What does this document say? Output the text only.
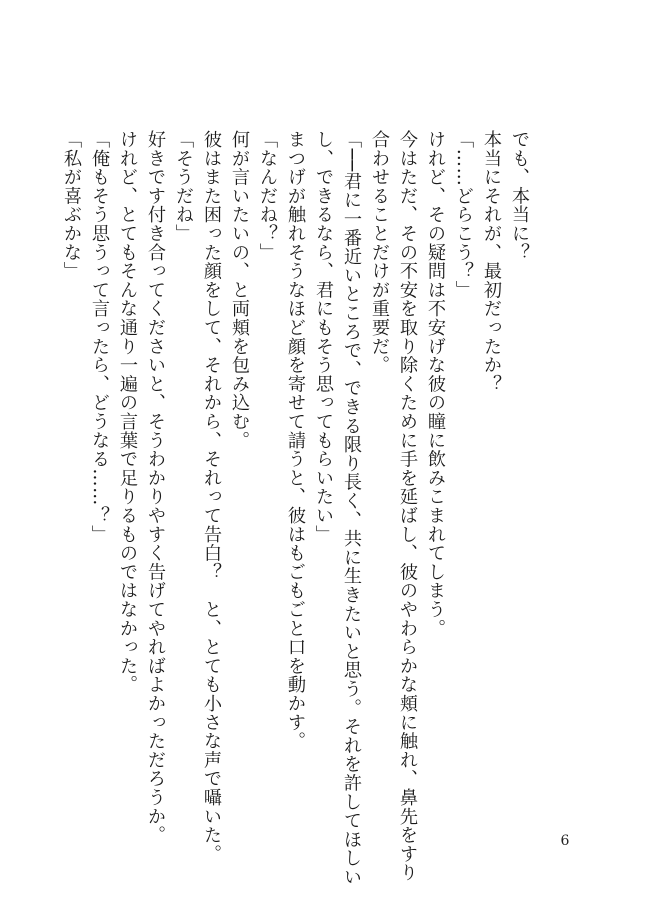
でも、本当に？
本当にそれが、最初だったか？
「……どらこう？」
けれど、その疑問は不安げな彼の瞳に飲みこまれてしまう。
今はただ、その不安を取り除くために手を延ばし、彼のやわらかな頬に触れ、鼻先をすり
合わせることだけが重要だ。
「──君に一番近いところで、できる限り長く、共に生きたいと思う。それを許してほしい
し、できるなら、君にもそう思ってもらいたい」
まつげが触れそうなほど顔を寄せて請うと、彼はもごもごと口を動かす。
「なんだね？」
何が言いたいの、と両頬を包み込む。
彼はまた困った顔をして、それから、それって告白？　と、とても小さな声で囁いた。
「そうだね」
好きです付き合ってくださいと、そうわかりやすく告げてやればよかっただろうか。
けれど、とてもそんな通り一遍の言葉で足りるものではなかった。
「俺もそう思うって言ったら、どうなる……？」
「私が喜ぶかな」
6
